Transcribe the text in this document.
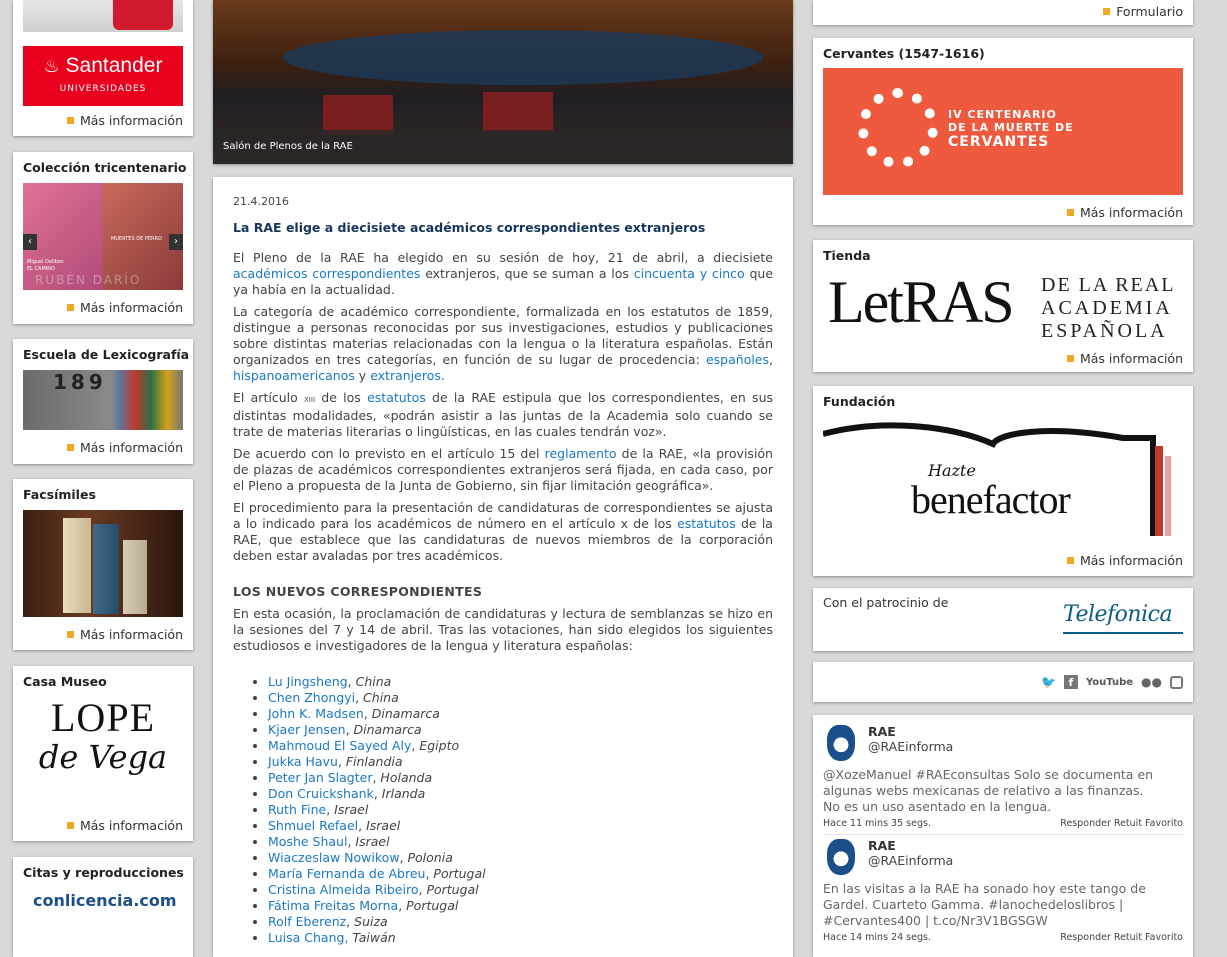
♨ Santander
UNIVERSIDADES
Más información
Colección tricentenario
Miguel Delibes
EL CAMINO
MUERTES DE PERRO
RUBÉN DARÍO
‹	›
Más información
Escuela de Lexicografía
189
Más información
Facsímiles
Más información
Casa Museo
LOPE
de Vega
Más información
Citas y reproducciones
conlicencia.com
Salón de Plenos de la RAE
21.4.2016
La RAE elige a diecisiete académicos correspondientes extranjeros

El Pleno de la RAE ha elegido en su sesión de hoy, 21 de abril, a diecisiete académicos correspondientes extranjeros, que se suman a los cincuenta y cinco que ya había en la actualidad.

La categoría de académico correspondiente, formalizada en los estatutos de 1859, distingue a personas reconocidas por sus investigaciones, estudios y publicaciones sobre distintas materias relacionadas con la lengua o la literatura españolas. Están organizados en tres categorías, en función de su lugar de procedencia: españoles, hispanoamericanos y extranjeros.

El artículo xiii de los estatutos de la RAE estipula que los correspondientes, en sus distintas modalidades, «podrán asistir a las juntas de la Academia solo cuando se trate de materias literarias o lingüísticas, en las cuales tendrán voz».

De acuerdo con lo previsto en el artículo 15 del reglamento de la RAE, «la provisión de plazas de académicos correspondientes extranjeros será fijada, en cada caso, por el Pleno a propuesta de la Junta de Gobierno, sin fijar limitación geográfica».

El procedimiento para la presentación de candidaturas de correspondientes se ajusta a lo indicado para los académicos de número en el artículo x de los estatutos de la RAE, que establece que las candidaturas de nuevos miembros de la corporación deben estar avaladas por tres académicos.

LOS NUEVOS CORRESPONDIENTES

En esta ocasión, la proclamación de candidaturas y lectura de semblanzas se hizo en la sesiones del 7 y 14 de abril. Tras las votaciones, han sido elegidos los siguientes estudiosos e investigadores de la lengua y literatura españolas:

• Lu Jingsheng, China
• Chen Zhongyi, China
• John K. Madsen, Dinamarca
• Kjaer Jensen, Dinamarca
• Mahmoud El Sayed Aly, Egipto
• Jukka Havu, Finlandia
• Peter Jan Slagter, Holanda
• Don Cruickshank, Irlanda
• Ruth Fine, Israel
• Shmuel Refael, Israel
• Moshe Shaul, Israel
• Wiaczeslaw Nowikow, Polonia
• María Fernanda de Abreu, Portugal
• Cristina Almeida Ribeiro, Portugal
• Fátima Freitas Morna, Portugal
• Rolf Eberenz, Suiza
• Luisa Chang, Taiwán
Formulario
Cervantes (1547-1616)
IV CENTENARIO
DE LA MUERTE DE
CERVANTES
Más información
Tienda
LetRAS DE LA REAL
ACADEMIA
ESPAÑOLA
Más información
Fundación
Hazte
benefactor
Más información
Con el patrocinio de	Telefonica
🐦	f	YouTube ●●
RAE
@RAEinforma
@XozeManuel #RAEconsultas Solo se documenta en algunas webs mexicanas de relativo a las finanzas. No es un uso asentado en la lengua.
Hace 11 mins 35 segs.	Responder Retuit Favorito
RAE
@RAEinforma
En las visitas a la RAE ha sonado hoy este tango de Gardel. Cuarteto Gamma. #lanochedeloslibros | #Cervantes400 | t.co/Nr3V1BGSGW
Hace 14 mins 24 segs.	Responder Retuit Favorito
